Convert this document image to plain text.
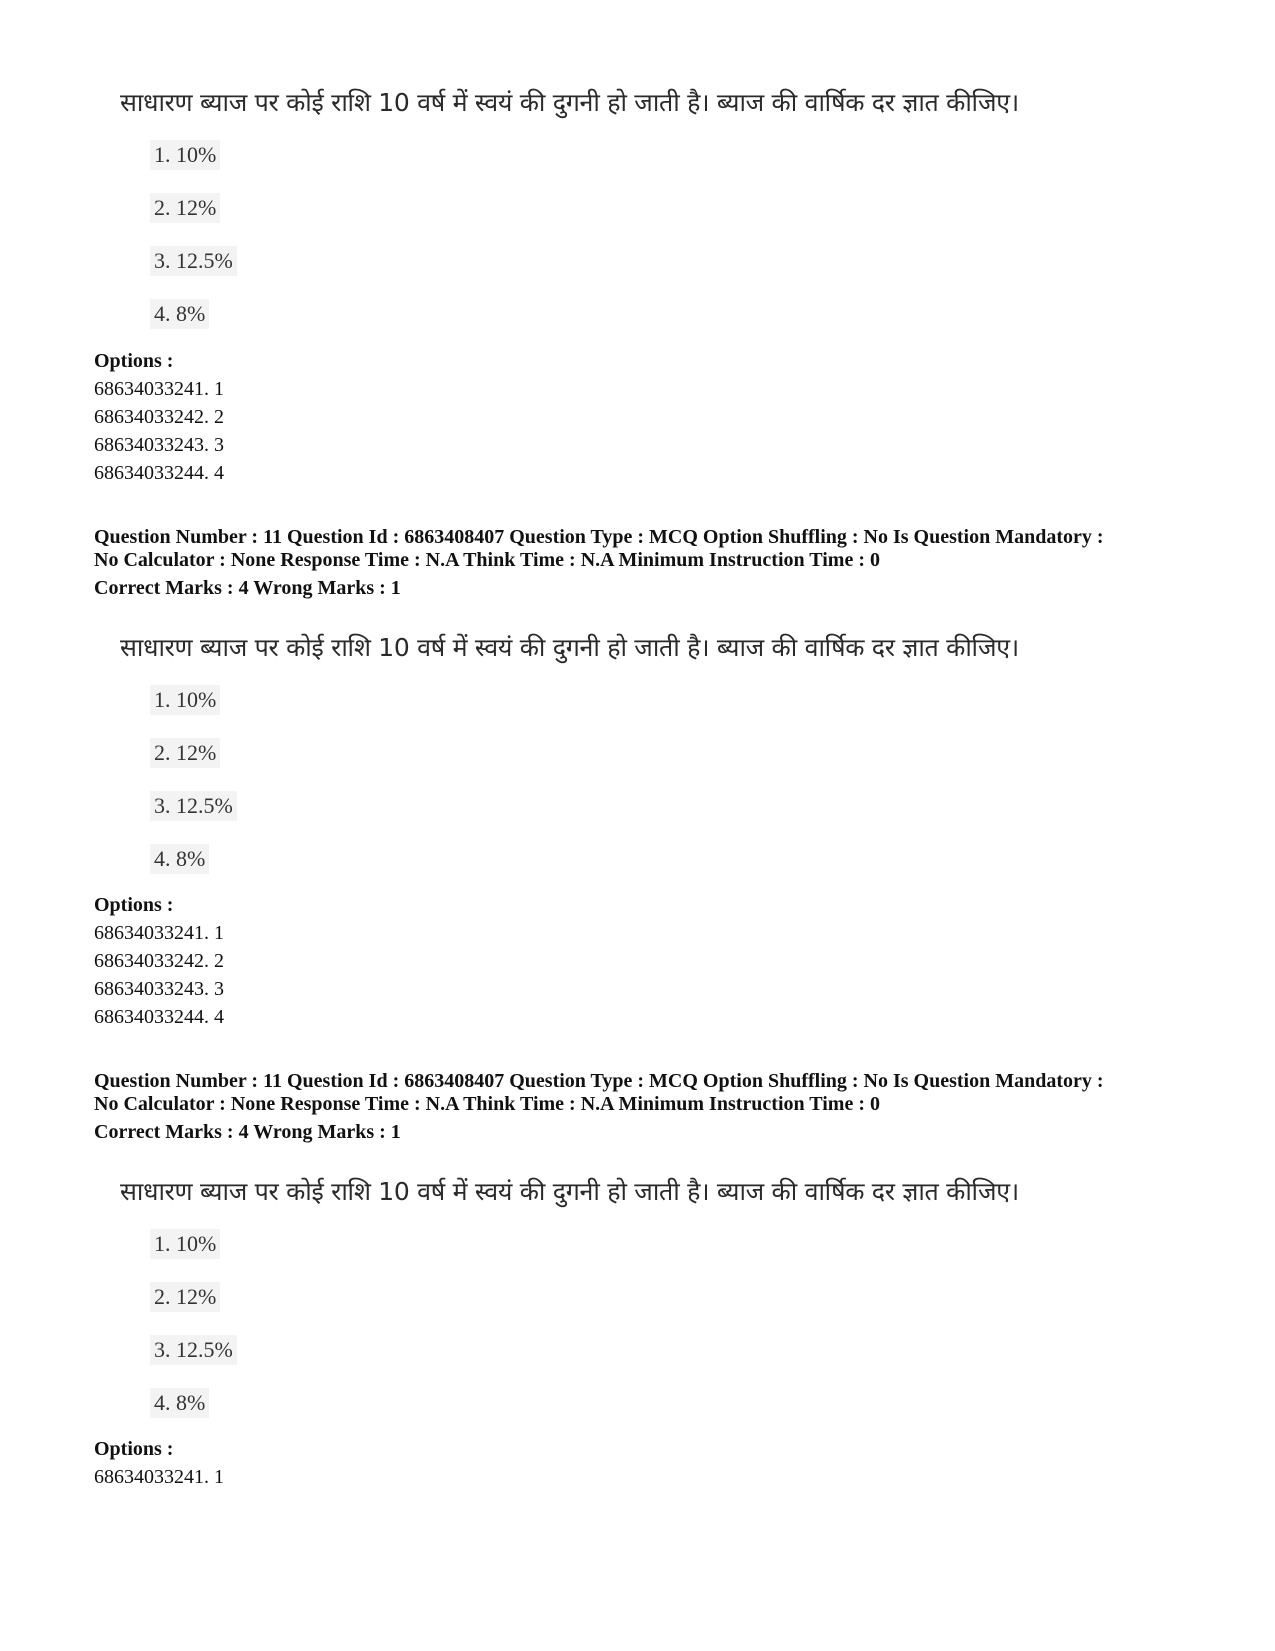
साधारण ब्याज पर कोई राशि 10 वर्ष में स्वयं की दुगनी हो जाती है। ब्याज की वार्षिक दर ज्ञात कीजिए।
1. 10%
2. 12%
3. 12.5%
4. 8%
Options :
68634033241. 1
68634033242. 2
68634033243. 3
68634033244. 4
Question Number : 11 Question Id : 6863408407 Question Type : MCQ Option Shuffling : No Is Question Mandatory :
No Calculator : None Response Time : N.A Think Time : N.A Minimum Instruction Time : 0
Correct Marks : 4 Wrong Marks : 1
साधारण ब्याज पर कोई राशि 10 वर्ष में स्वयं की दुगनी हो जाती है। ब्याज की वार्षिक दर ज्ञात कीजिए।
1. 10%
2. 12%
3. 12.5%
4. 8%
Options :
68634033241. 1
68634033242. 2
68634033243. 3
68634033244. 4
Question Number : 11 Question Id : 6863408407 Question Type : MCQ Option Shuffling : No Is Question Mandatory :
No Calculator : None Response Time : N.A Think Time : N.A Minimum Instruction Time : 0
Correct Marks : 4 Wrong Marks : 1
साधारण ब्याज पर कोई राशि 10 वर्ष में स्वयं की दुगनी हो जाती है। ब्याज की वार्षिक दर ज्ञात कीजिए।
1. 10%
2. 12%
3. 12.5%
4. 8%
Options :
68634033241. 1
